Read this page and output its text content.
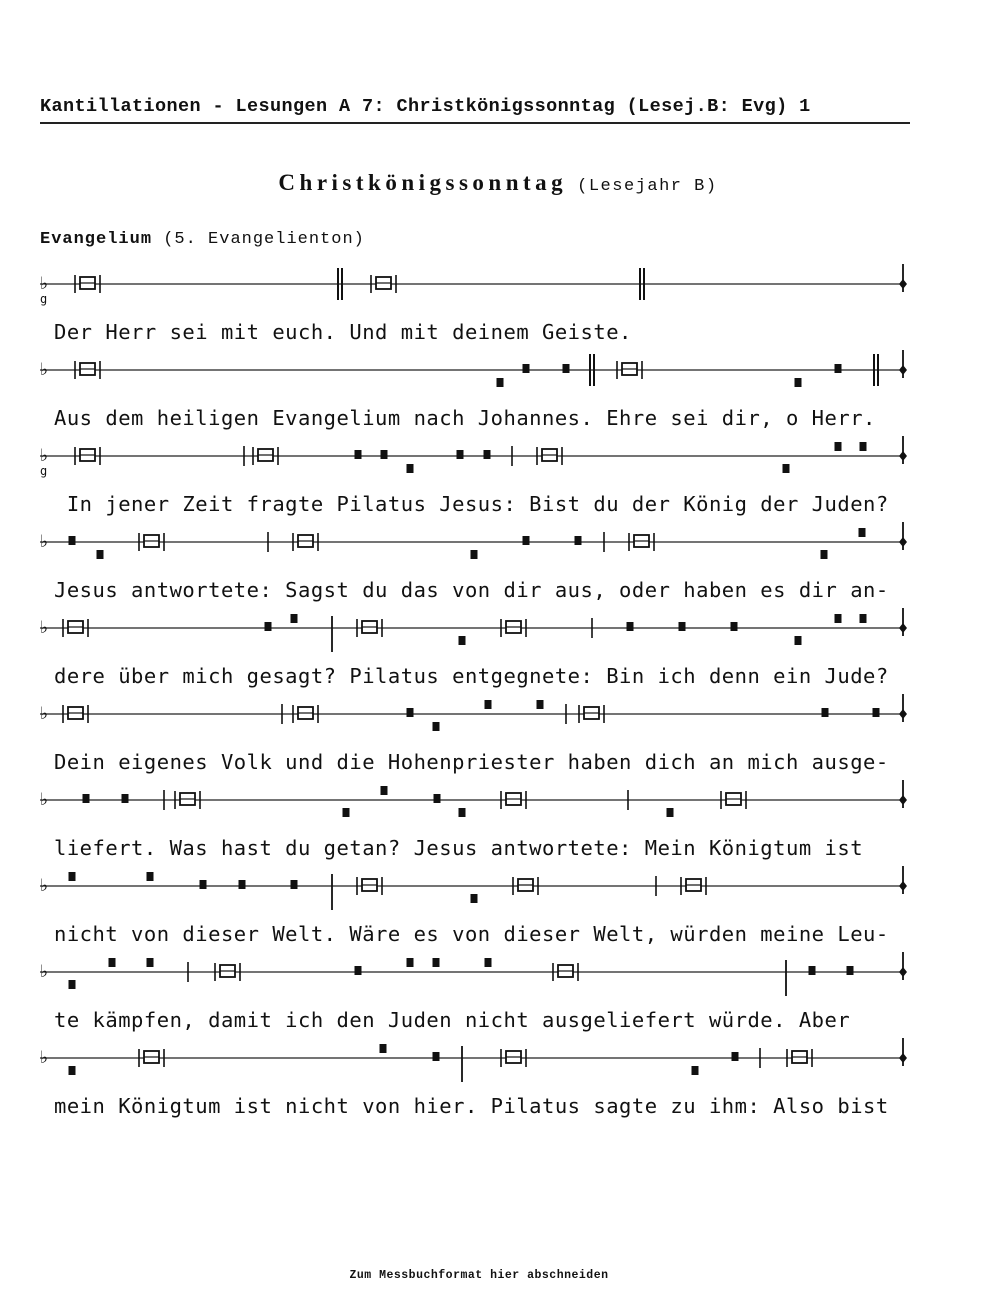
Kantillationen - Lesungen A 7: Christkönigssonntag (Lesej.B: Evg) 1
Christkönigssonntag (Lesejahr B)
Evangelium (5. Evangelienton)
♭
g
♭
♭
g
♭
♭
♭
♭
♭
♭
♭
Der Herr sei mit euch. Und mit deinem Geiste.
Aus dem heiligen Evangelium nach Johannes. Ehre sei dir, o Herr.
In jener Zeit fragte Pilatus Jesus: Bist du der König der Juden?
Jesus antwortete: Sagst du das von dir aus, oder haben es dir an-
dere über mich gesagt? Pilatus entgegnete: Bin ich denn ein Jude?
Dein eigenes Volk und die Hohenpriester haben dich an mich ausge-
liefert. Was hast du getan? Jesus antwortete: Mein Königtum ist
nicht von dieser Welt. Wäre es von dieser Welt, würden meine Leu-
te kämpfen, damit ich den Juden nicht ausgeliefert würde. Aber
mein Königtum ist nicht von hier. Pilatus sagte zu ihm: Also bist
Zum Messbuchformat hier abschneiden
